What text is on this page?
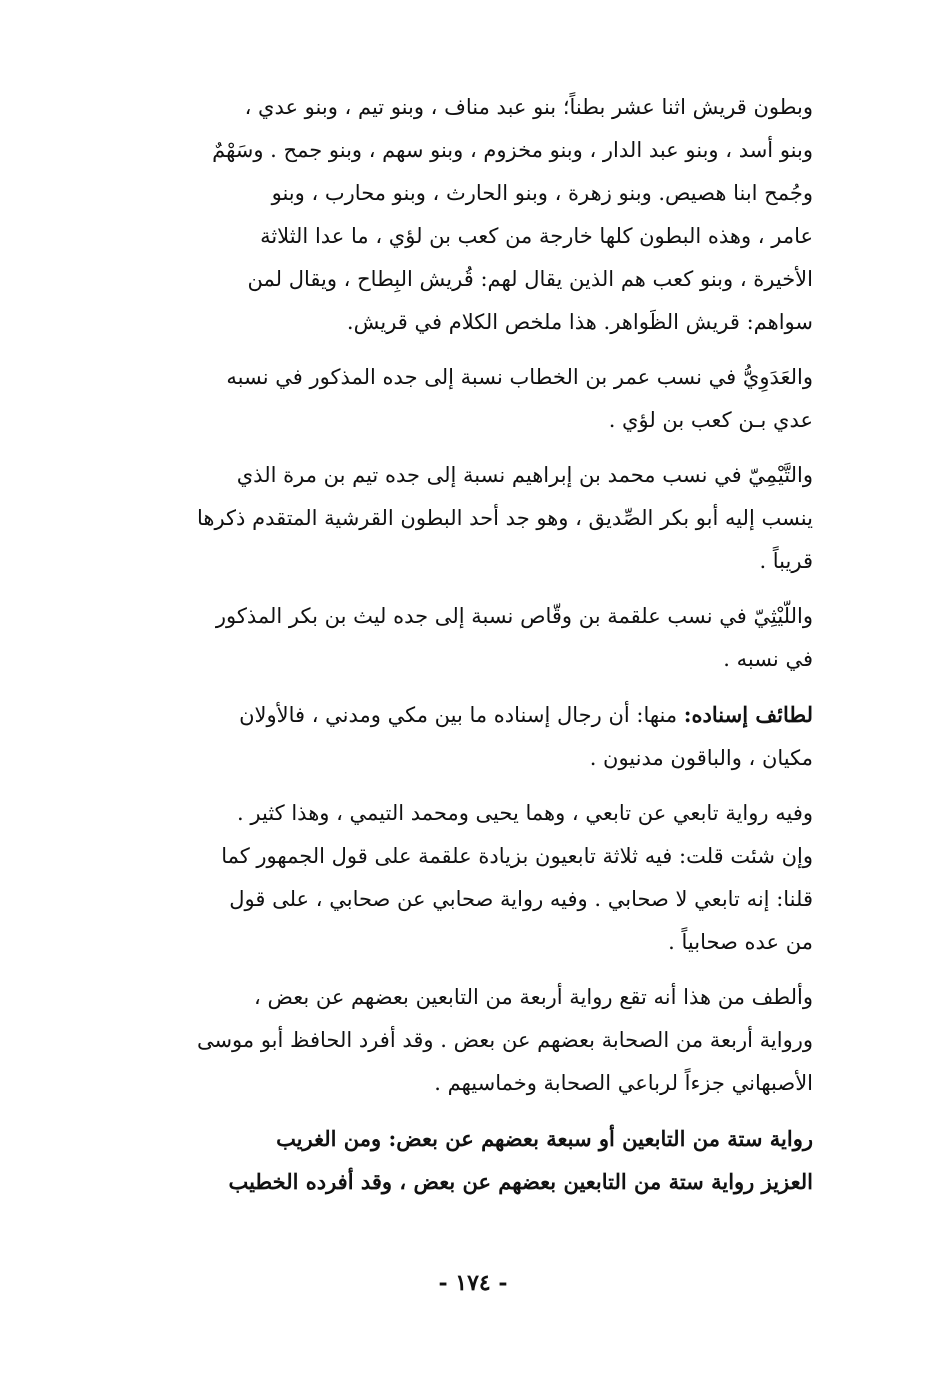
وبطون قريش اثنا عشر بطناً؛ بنو عبد مناف ، وبنو تيم ، وبنو عدي ،
وبنو أسد ، وبنو عبد الدار ، وبنو مخزوم ، وبنو سهم ، وبنو جمح . وسَهْمٌ
وجُمح ابنا هصيص. وبنو زهرة ، وبنو الحارث ، وبنو محارب ، وبنو
عامر ، وهذه البطون كلها خارجة من كعب بن لؤي ، ما عدا الثلاثة
الأخيرة ، وبنو كعب هم الذين يقال لهم: قُريش البِطاح ، ويقال لمن
سواهم: قريش الظَواهر. هذا ملخص الكلام في قريش.
والعَدَوِيُّ في نسب عمر بن الخطاب نسبة إلى جده المذكور في نسبه
عدي بـن كعب بن لؤي .
والتَّيْمِيّ في نسب محمد بن إبراهيم نسبة إلى جده تيم بن مرة الذي
ينسب إليه أبو بكر الصِّديق ، وهو جد أحد البطون القرشية المتقدم ذكرها
قريباً .
واللّيْثِيّ في نسب علقمة بن وقّاص نسبة إلى جده ليث بن بكر المذكور
في نسبه .
لطائف إسناده: منها: أن رجال إسناده ما بين مكي ومدني ، فالأولان
مكيان ، والباقون مدنيون .
وفيه رواية تابعي عن تابعي ، وهما يحيى ومحمد التيمي ، وهذا كثير .
وإن شئت قلت: فيه ثلاثة تابعيون بزيادة علقمة على قول الجمهور كما
قلنا: إنه تابعي لا صحابي . وفيه رواية صحابي عن صحابي ، على قول
من عده صحابياً .
وألطف من هذا أنه تقع رواية أربعة من التابعين بعضهم عن بعض ،
ورواية أربعة من الصحابة بعضهم عن بعض . وقد أفرد الحافظ أبو موسى
الأصبهاني جزءاً لرباعي الصحابة وخماسيهم .
رواية ستة من التابعين أو سبعة بعضهم عن بعض: ومن الغريب
العزيز رواية ستة من التابعين بعضهم عن بعض ، وقد أفرده الخطيب
- ١٧٤ -
